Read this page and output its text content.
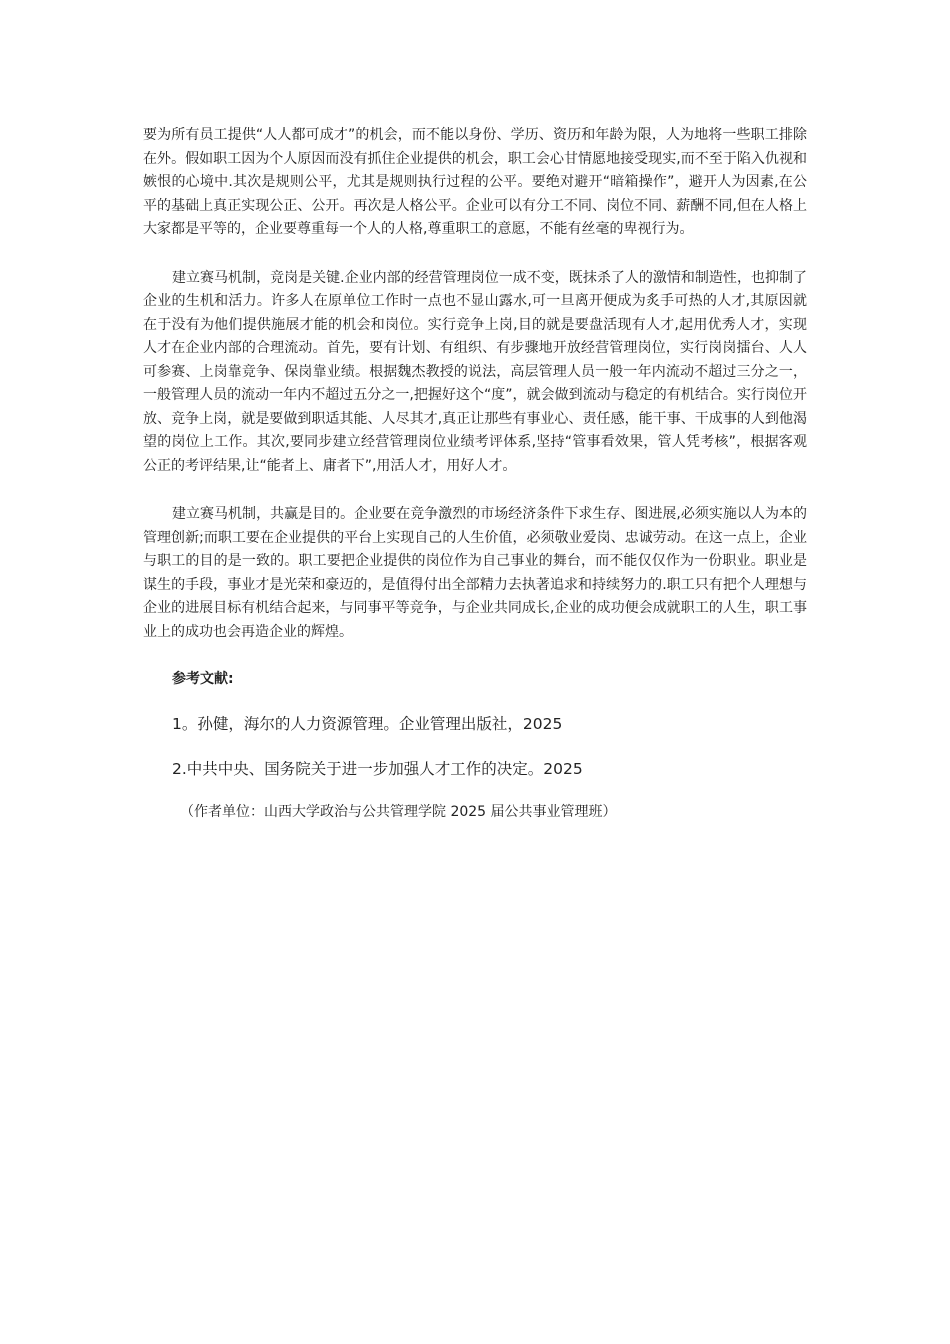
要为所有员工提供“人人都可成才”的机会，而不能以身份、学历、资历和年龄为限，人为地将一些职工排除在外。假如职工因为个人原因而没有抓住企业提供的机会，职工会心甘情愿地接受现实,而不至于陷入仇视和嫉恨的心境中.其次是规则公平，尤其是规则执行过程的公平。要绝对避开“暗箱操作”，避开人为因素,在公平的基础上真正实现公正、公开。再次是人格公平。企业可以有分工不同、岗位不同、薪酬不同,但在人格上大家都是平等的，企业要尊重每一个人的人格,尊重职工的意愿，不能有丝毫的卑视行为。

建立赛马机制，竞岗是关键.企业内部的经营管理岗位一成不变，既抹杀了人的激情和制造性，也抑制了企业的生机和活力。许多人在原单位工作时一点也不显山露水,可一旦离开便成为炙手可热的人才,其原因就在于没有为他们提供施展才能的机会和岗位。实行竞争上岗,目的就是要盘活现有人才,起用优秀人才，实现人才在企业内部的合理流动。首先，要有计划、有组织、有步骤地开放经营管理岗位，实行岗岗擂台、人人可参赛、上岗靠竞争、保岗靠业绩。根据魏杰教授的说法，高层管理人员一般一年内流动不超过三分之一，一般管理人员的流动一年内不超过五分之一,把握好这个“度”，就会做到流动与稳定的有机结合。实行岗位开放、竞争上岗，就是要做到职适其能、人尽其才,真正让那些有事业心、责任感，能干事、干成事的人到他渴望的岗位上工作。其次,要同步建立经营管理岗位业绩考评体系,坚持“管事看效果，管人凭考核”，根据客观公正的考评结果,让“能者上、庸者下”,用活人才，用好人才。

建立赛马机制，共赢是目的。企业要在竞争激烈的市场经济条件下求生存、图进展,必须实施以人为本的管理创新;而职工要在企业提供的平台上实现自己的人生价值，必须敬业爱岗、忠诚劳动。在这一点上，企业与职工的目的是一致的。职工要把企业提供的岗位作为自己事业的舞台，而不能仅仅作为一份职业。职业是谋生的手段，事业才是光荣和豪迈的，是值得付出全部精力去执著追求和持续努力的.职工只有把个人理想与企业的进展目标有机结合起来，与同事平等竞争，与企业共同成长,企业的成功便会成就职工的人生，职工事业上的成功也会再造企业的辉煌。

参考文献:
1。孙健，海尔的人力资源管理。企业管理出版社，2025
2.中共中央、国务院关于进一步加强人才工作的决定。2025
（作者单位：山西大学政治与公共管理学院 2025 届公共事业管理班）
